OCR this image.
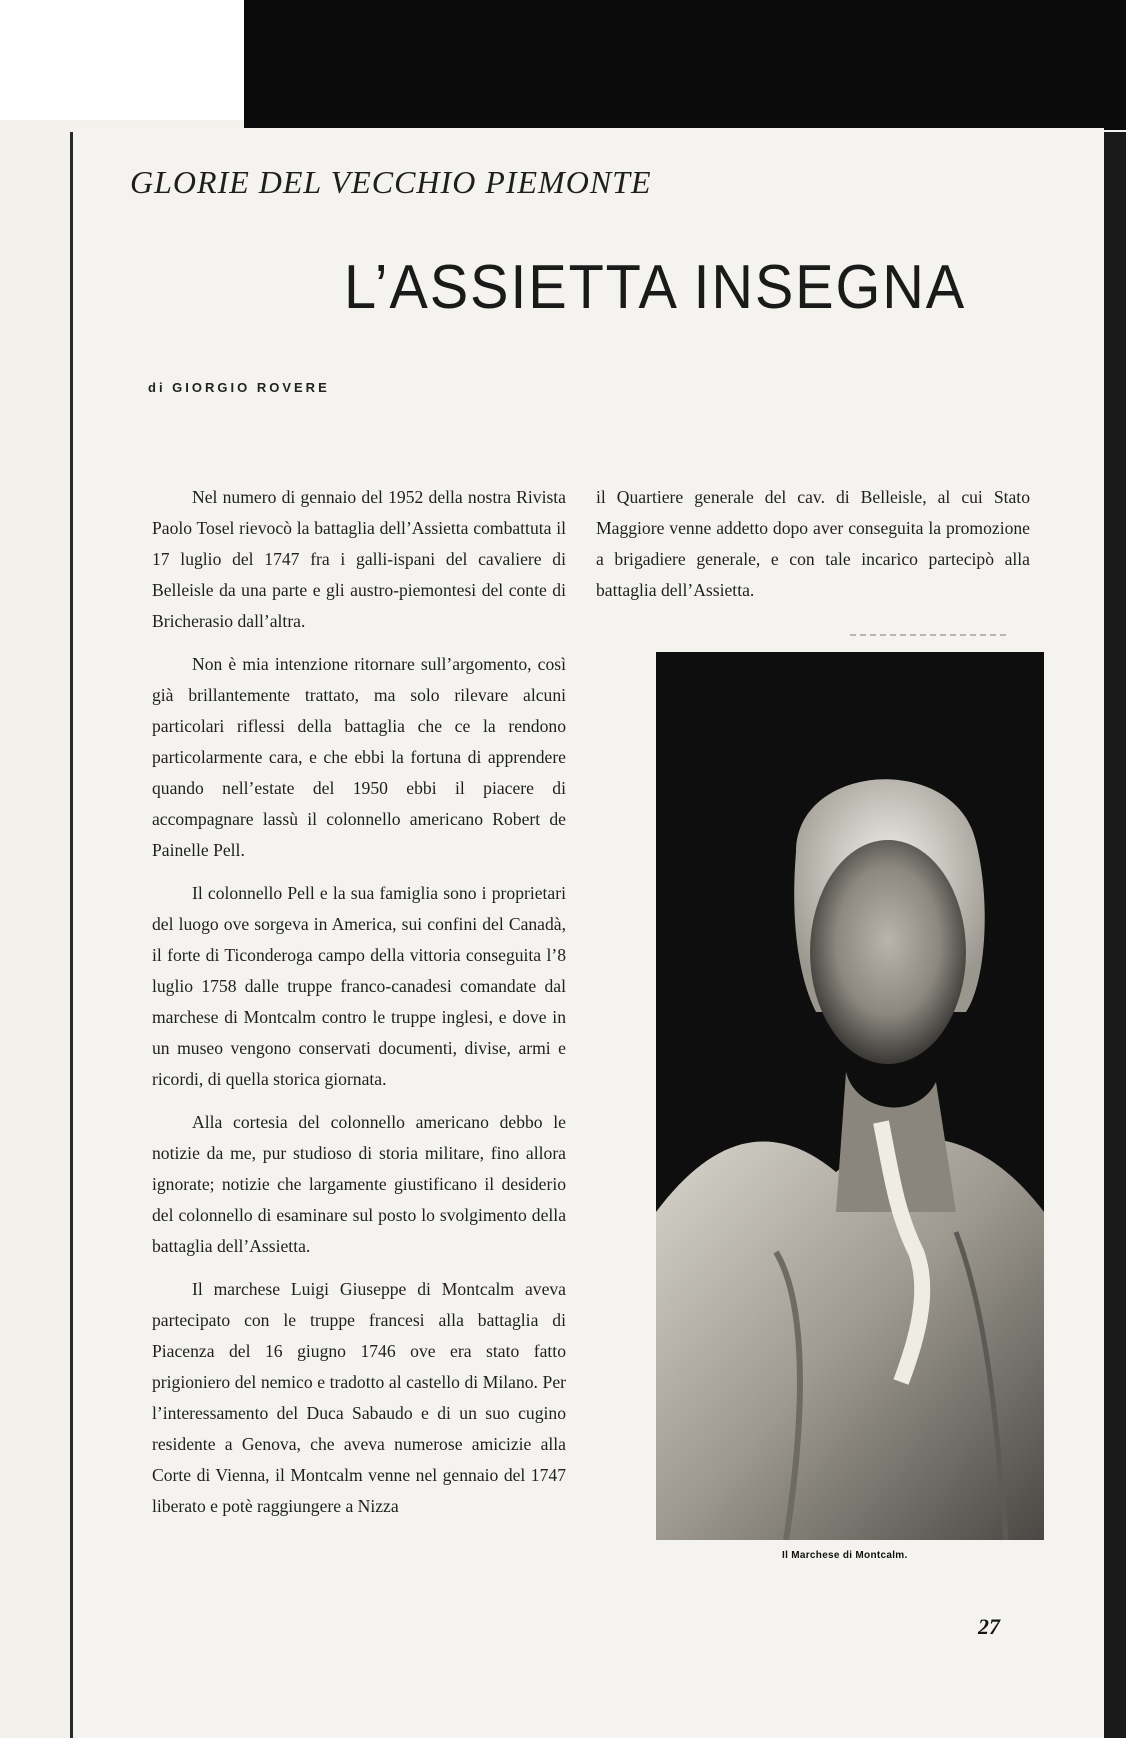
GLORIE DEL VECCHIO PIEMONTE
L’ASSIETTA INSEGNA
di GIORGIO ROVERE

Nel numero di gennaio del 1952 della nostra Rivista Paolo Tosel rievocò la battaglia dell’Assietta combattuta il 17 luglio del 1747 fra i galli-ispani del cavaliere di Belleisle da una parte e gli austro-piemontesi del conte di Bricherasio dall’altra.

Non è mia intenzione ritornare sull’argomento, così già brillantemente trattato, ma solo rilevare alcuni particolari riflessi della battaglia che ce la rendono particolarmente cara, e che ebbi la fortuna di apprendere quando nell’estate del 1950 ebbi il piacere di accompagnare lassù il colonnello americano Robert de Painelle Pell.

Il colonnello Pell e la sua famiglia sono i proprietari del luogo ove sorgeva in America, sui confini del Canadà, il forte di Ticonderoga campo della vittoria conseguita l’8 luglio 1758 dalle truppe franco-canadesi comandate dal marchese di Montcalm contro le truppe inglesi, e dove in un museo vengono conservati documenti, divise, armi e ricordi, di quella storica giornata.

Alla cortesia del colonnello americano debbo le notizie da me, pur studioso di storia militare, fino allora ignorate; notizie che largamente giustificano il desiderio del colonnello di esaminare sul posto lo svolgimento della battaglia dell’Assietta.

Il marchese Luigi Giuseppe di Montcalm aveva partecipato con le truppe francesi alla battaglia di Piacenza del 16 giugno 1746 ove era stato fatto prigioniero del nemico e tradotto al castello di Milano. Per l’interessamento del Duca Sabaudo e di un suo cugino residente a Genova, che aveva numerose amicizie alla Corte di Vienna, il Montcalm venne nel gennaio del 1747 liberato e potè raggiungere a Nizza

il Quartiere generale del cav. di Belleisle, al cui Stato Maggiore venne addetto dopo aver conseguita la promozione a brigadiere generale, e con tale incarico partecipò alla battaglia dell’Assietta.

Il Marchese di Montcalm.
27
